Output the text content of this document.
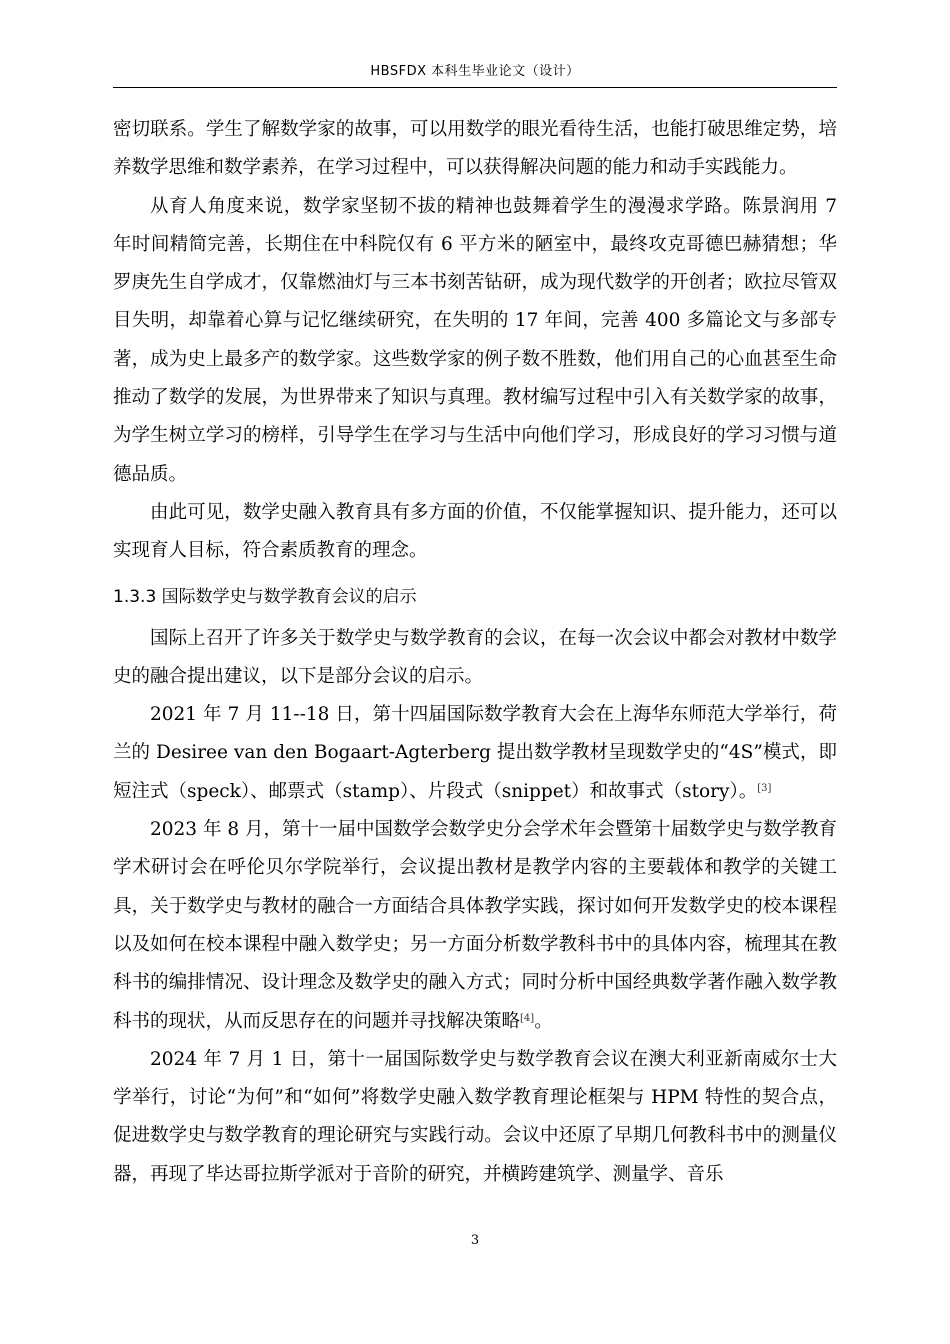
HBSFDX 本科生毕业论文（设计）

密切联系。学生了解数学家的故事，可以用数学的眼光看待生活，也能打破思维定势，培养数学思维和数学素养，在学习过程中，可以获得解决问题的能力和动手实践能力。

从育人角度来说，数学家坚韧不拔的精神也鼓舞着学生的漫漫求学路。陈景润用 7 年时间精简完善，长期住在中科院仅有 6 平方米的陋室中，最终攻克哥德巴赫猜想；华罗庚先生自学成才，仅靠燃油灯与三本书刻苦钻研，成为现代数学的开创者；欧拉尽管双目失明，却靠着心算与记忆继续研究，在失明的 17 年间，完善 400 多篇论文与多部专著，成为史上最多产的数学家。这些数学家的例子数不胜数，他们用自己的心血甚至生命推动了数学的发展，为世界带来了知识与真理。教材编写过程中引入有关数学家的故事，为学生树立学习的榜样，引导学生在学习与生活中向他们学习，形成良好的学习习惯与道德品质。

由此可见，数学史融入教育具有多方面的价值，不仅能掌握知识、提升能力，还可以实现育人目标，符合素质教育的理念。

1.3.3 国际数学史与数学教育会议的启示

国际上召开了许多关于数学史与数学教育的会议，在每一次会议中都会对教材中数学史的融合提出建议，以下是部分会议的启示。

2021 年 7 月 11--18 日，第十四届国际数学教育大会在上海华东师范大学举行，荷兰的 Desiree van den Bogaart-Agterberg 提出数学教材呈现数学史的“4S”模式，即短注式（speck）、邮票式（stamp）、片段式（snippet）和故事式（story）。[3]

2023 年 8 月，第十一届中国数学会数学史分会学术年会暨第十届数学史与数学教育学术研讨会在呼伦贝尔学院举行，会议提出教材是教学内容的主要载体和教学的关键工具，关于数学史与教材的融合一方面结合具体教学实践，探讨如何开发数学史的校本课程以及如何在校本课程中融入数学史；另一方面分析数学教科书中的具体内容，梳理其在教科书的编排情况、设计理念及数学史的融入方式；同时分析中国经典数学著作融入数学教科书的现状，从而反思存在的问题并寻找解决策略[4]。

2024 年 7 月 1 日，第十一届国际数学史与数学教育会议在澳大利亚新南威尔士大学举行，讨论“为何”和“如何”将数学史融入数学教育理论框架与 HPM 特性的契合点，促进数学史与数学教育的理论研究与实践行动。会议中还原了早期几何教科书中的测量仪器，再现了毕达哥拉斯学派对于音阶的研究，并横跨建筑学、测量学、音乐

3
